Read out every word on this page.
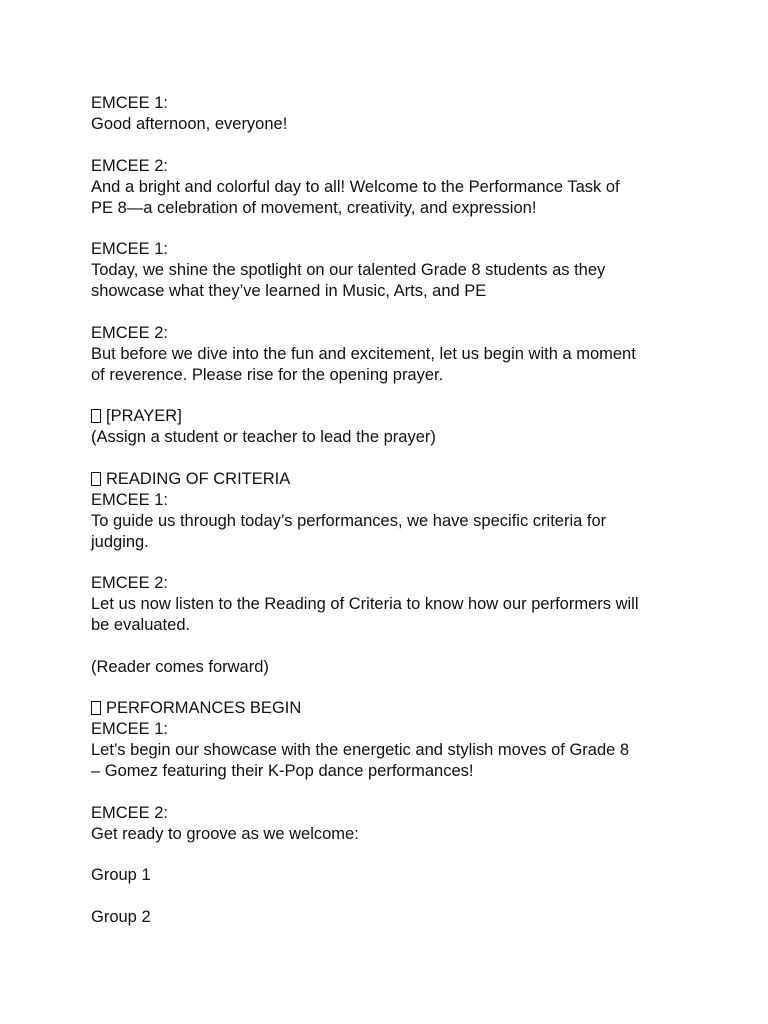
EMCEE 1:
Good afternoon, everyone!
EMCEE 2:
And a bright and colorful day to all! Welcome to the Performance Task of
PE 8—a celebration of movement, creativity, and expression!
EMCEE 1:
Today, we shine the spotlight on our talented Grade 8 students as they
showcase what they’ve learned in Music, Arts, and PE
EMCEE 2:
But before we dive into the fun and excitement, let us begin with a moment
of reverence. Please rise for the opening prayer.
[PRAYER]
(Assign a student or teacher to lead the prayer)
READING OF CRITERIA
EMCEE 1:
To guide us through today’s performances, we have specific criteria for
judging.
EMCEE 2:
Let us now listen to the Reading of Criteria to know how our performers will
be evaluated.
(Reader comes forward)
PERFORMANCES BEGIN
EMCEE 1:
Let’s begin our showcase with the energetic and stylish moves of Grade 8
– Gomez featuring their K-Pop dance performances!
EMCEE 2:
Get ready to groove as we welcome:
Group 1
Group 2
